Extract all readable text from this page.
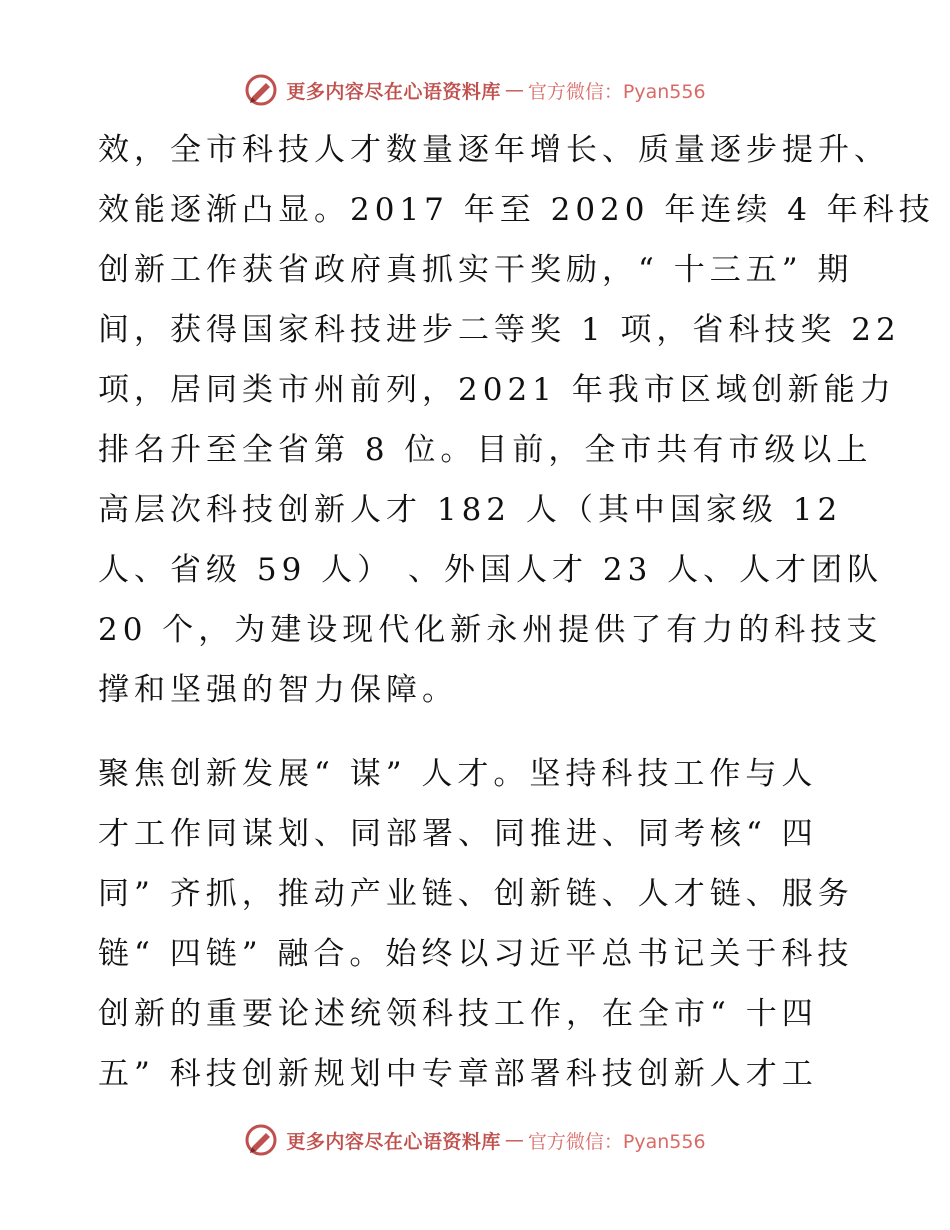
更多内容尽在心语资料库 — 官方微信：Pyan556
效，全市科技人才数量逐年增长、质量逐步提升、
效能逐渐凸显。2017 年至 2020 年连续 4 年科技
创新工作获省政府真抓实干奖励，“ 十三五” 期
间，获得国家科技进步二等奖 1 项，省科技奖 22
项，居同类市州前列，2021 年我市区域创新能力
排名升至全省第 8 位。目前，全市共有市级以上
高层次科技创新人才 182 人（其中国家级 12
人、省级 59 人） 、外国人才 23 人、人才团队
20 个，为建设现代化新永州提供了有力的科技支
撑和坚强的智力保障。
聚焦创新发展“ 谋” 人才。坚持科技工作与人
才工作同谋划、同部署、同推进、同考核“ 四
同” 齐抓，推动产业链、创新链、人才链、服务
链“ 四链” 融合。始终以习近平总书记关于科技
创新的重要论述统领科技工作，在全市“ 十四
五” 科技创新规划中专章部署科技创新人才工
更多内容尽在心语资料库 — 官方微信：Pyan556
